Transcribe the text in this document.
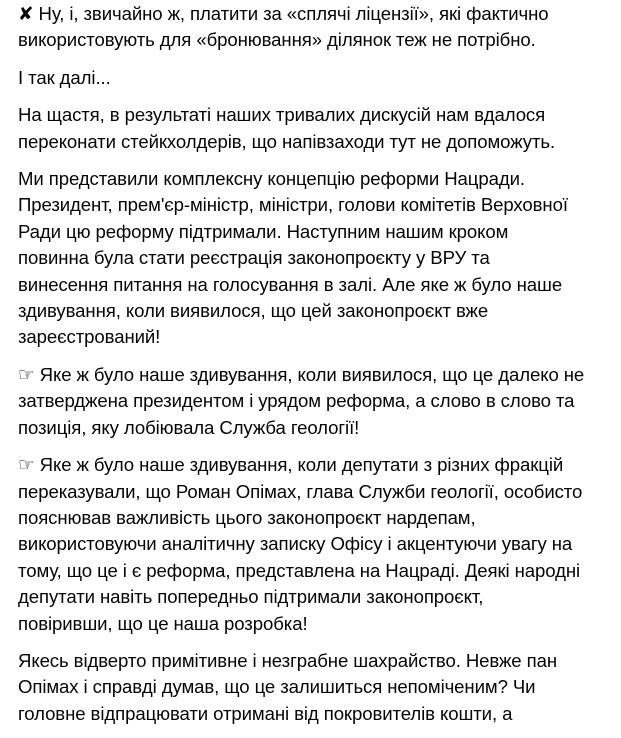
✘ Ну, і, звичайно ж, платити за «сплячі ліцензії», які фактично
використовують для «бронювання» ділянок теж не потрібно.

І так далі...

На щастя, в результаті наших тривалих дискусій нам вдалося
переконати стейкхолдерів, що напівзаходи тут не допоможуть.

Ми представили комплексну концепцію реформи Нацради.
Президент, прем'єр-міністр, міністри, голови комітетів Верховної
Ради цю реформу підтримали. Наступним нашим кроком
повинна була стати реєстрація законопроєкту у ВРУ та
винесення питання на голосування в залі. Але яке ж було наше
здивування, коли виявилося, що цей законопроєкт вже
зареєстрований!

☞ Яке ж було наше здивування, коли виявилося, що це далеко не
затверджена президентом і урядом реформа, а слово в слово та
позиція, яку лобіювала Служба геології!

☞ Яке ж було наше здивування, коли депутати з різних фракцій
переказували, що Роман Опімах, глава Служби геології, особисто
пояснював важливість цього законопроєкт нардепам,
використовуючи аналітичну записку Офісу і акцентуючи увагу на
тому, що це і є реформа, представлена на Нацраді. Деякі народні
депутати навіть попередньо підтримали законопроєкт,
повіривши, що це наша розробка!

Якесь відверто примітивне і незграбне шахрайство. Невже пан
Опімах і справді думав, що це залишиться непоміченим? Чи
головне відпрацювати отримані від покровителів кошти, а
